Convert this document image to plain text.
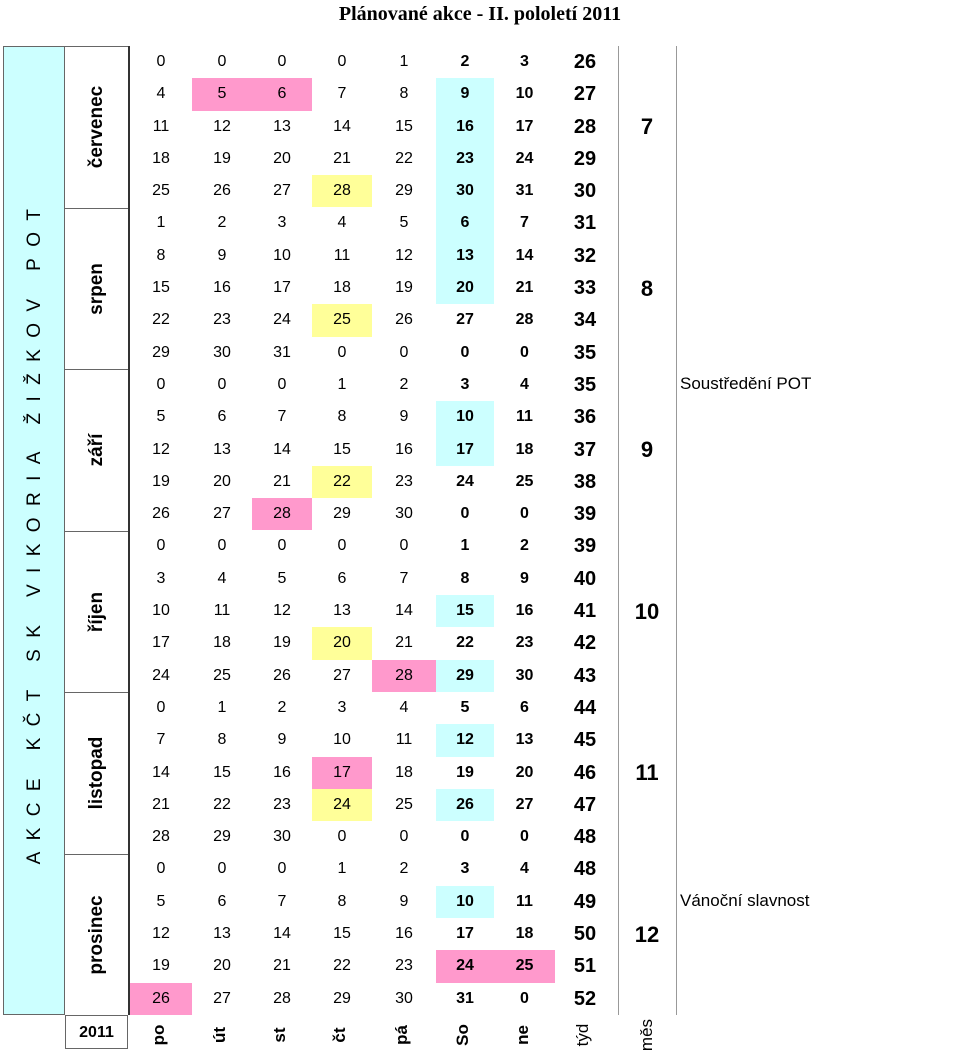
Plánované akce - II. pololetí 2011
AKCE KČT SK VIKORIA ŽIŽKOV POT
červenec
srpen
září
říjen
listopad
prosinec
0	0	0	0	1	2	3	26
4	5	6	7	8	9	10	27
11	12	13	14	15	16	17	28
18	19	20	21	22	23	24	29
25	26	27	28	29	30	31	30
1	2	3	4	5	6	7	31
8	9	10	11	12	13	14	32
15	16	17	18	19	20	21	33
22	23	24	25	26	27	28	34
29	30	31	0	0	0	0	35
0	0	0	1	2	3	4	35
5	6	7	8	9	10	11	36
12	13	14	15	16	17	18	37
19	20	21	22	23	24	25	38
26	27	28	29	30	0	0	39
0	0	0	0	0	1	2	39
3	4	5	6	7	8	9	40
10	11	12	13	14	15	16	41
17	18	19	20	21	22	23	42
24	25	26	27	28	29	30	43
0	1	2	3	4	5	6	44
7	8	9	10	11	12	13	45
14	15	16	17	18	19	20	46
21	22	23	24	25	26	27	47
28	29	30	0	0	0	0	48
0	0	0	1	2	3	4	48
5	6	7	8	9	10	11	49
12	13	14	15	16	17	18	50
19	20	21	22	23	24	25	51
26	27	28	29	30	31	0	52
7
8
9
10
11
12
Soustředění POT
Vánoční slavnost
2011	po út st čt	pá So ne týd	měs
